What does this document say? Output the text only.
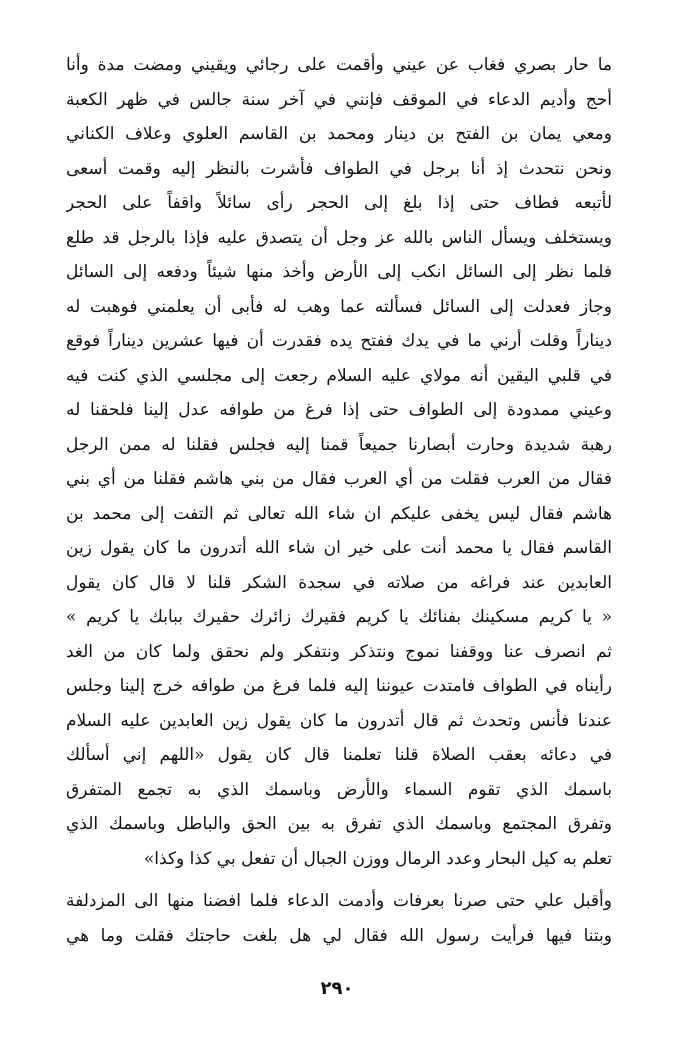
ما حار بصري فغاب عن عيني وأقمت على رجائي ويقيني ومضت مدة وأنا
أحج وأديم الدعاء في الموقف فإنني في آخر سنة جالس في ظهر الكعبة
ومعي يمان بن الفتح بن دينار ومحمد بن القاسم العلوي وعلاف الكناني
ونحن نتحدث إذ أنا برجل في الطواف فأشرت بالنظر إليه وقمت أسعى
لأتبعه فطاف حتى إذا بلغ إلى الحجر رأى سائلاً واقفاً على الحجر
ويستخلف ويسأل الناس بالله عز وجل أن يتصدق عليه فإذا بالرجل قد طلع
فلما نظر إلى السائل انكب إلى الأرض وأخذ منها شيئاً ودفعه إلى السائل
وجاز فعدلت إلى السائل فسألته عما وهب له فأبى أن يعلمني فوهبت له
ديناراً وقلت أرني ما في يدك ففتح يده فقدرت أن فيها عشرين ديناراً فوقع
في قلبي اليقين أنه مولاي عليه السلام رجعت إلى مجلسي الذي كنت فيه
وعيني ممدودة إلى الطواف حتى إذا فرغ من طوافه عدل إلينا فلحقنا له
رهبة شديدة وحارت أبصارنا جميعاً قمنا إليه فجلس فقلنا له ممن الرجل
فقال من العرب فقلت من أي العرب فقال من بني هاشم فقلنا من أي بني
هاشم فقال ليس يخفى عليكم ان شاء الله تعالى ثم التفت إلى محمد بن
القاسم فقال يا محمد أنت على خير ان شاء الله أتدرون ما كان يقول زين
العابدين عند فراغه من صلاته في سجدة الشكر قلنا لا قال كان يقول
« يا كريم مسكينك بفنائك يا كريم فقيرك زائرك حقيرك ببابك يا كريم »
ثم انصرف عنا ووقفنا نموج ونتذكر ونتفكر ولم نحقق ولما كان من الغد
رأيناه في الطواف فامتدت عيوننا إليه فلما فرغ من طوافه خرج إلينا وجلس
عندنا فأنس وتحدث ثم قال أتدرون ما كان يقول زين العابدين عليه السلام
في دعائه بعقب الصلاة قلنا تعلمنا قال كان يقول «اللهم إني أسألك
باسمك الذي تقوم السماء والأرض وباسمك الذي به تجمع المتفرق
وتفرق المجتمع وباسمك الذي تفرق به بين الحق والباطل وباسمك الذي
تعلم به كيل البحار وعدد الرمال ووزن الجبال أن تفعل بي كذا وكذا»
وأقبل علي حتى صرنا بعرفات وأدمت الدعاء فلما افضنا منها الى المزدلفة
وبتنا فيها فرأيت رسول الله فقال لي هل بلغت حاجتك فقلت وما هي
٢٩٠
